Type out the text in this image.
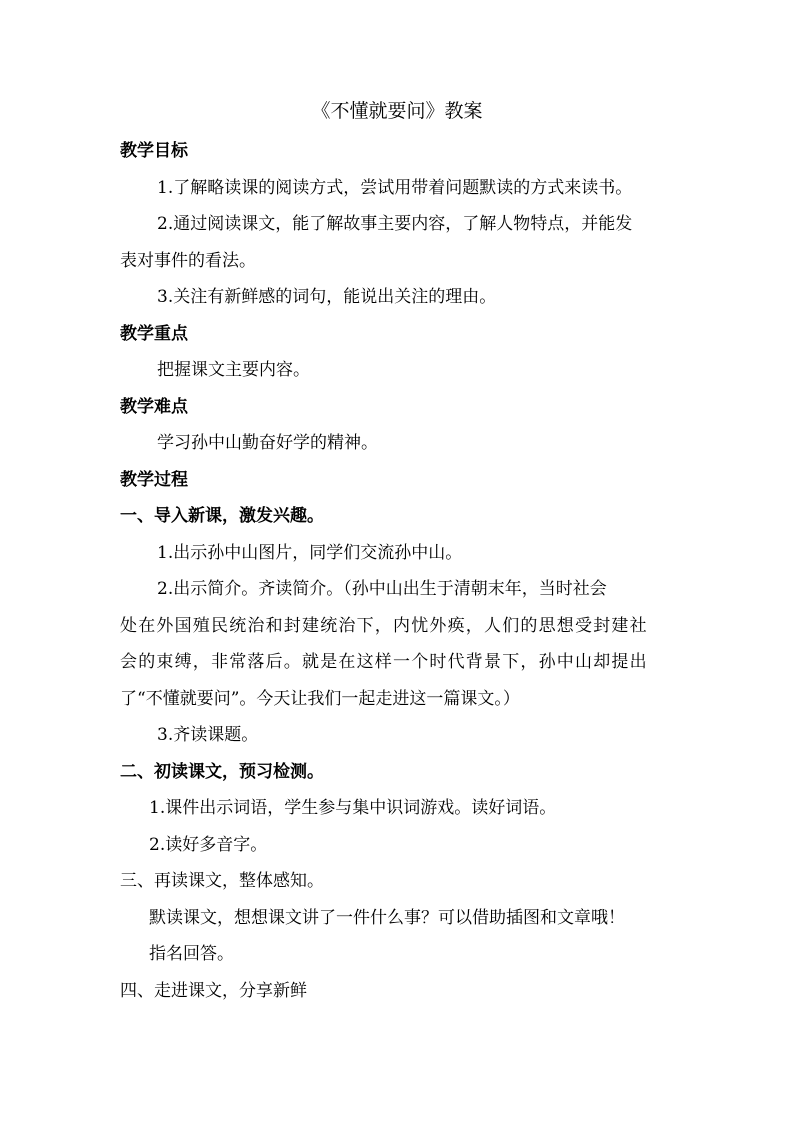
《不懂就要问》教案
教学目标
1.了解略读课的阅读方式，尝试用带着问题默读的方式来读书。
2.通过阅读课文，能了解故事主要内容，了解人物特点，并能发
表对事件的看法。
3.关注有新鲜感的词句，能说出关注的理由。
教学重点
把握课文主要内容。
教学难点
学习孙中山勤奋好学的精神。
教学过程
一、导入新课，激发兴趣。
1.出示孙中山图片，同学们交流孙中山。
2.出示简介。齐读简介。（孙中山出生于清朝末年，当时社会
处在外国殖民统治和封建统治下，内忧外痪，人们的思想受封建社
会的束缚，非常落后。就是在这样一个时代背景下，孙中山却提出
了“不懂就要问”。今天让我们一起走进这一篇课文。）
3.齐读课题。
二、初读课文，预习检测。
1.课件出示词语，学生参与集中识词游戏。读好词语。
2.读好多音字。
三、再读课文，整体感知。
默读课文，想想课文讲了一件什么事？可以借助插图和文章哦！
指名回答。
四、走进课文，分享新鲜
